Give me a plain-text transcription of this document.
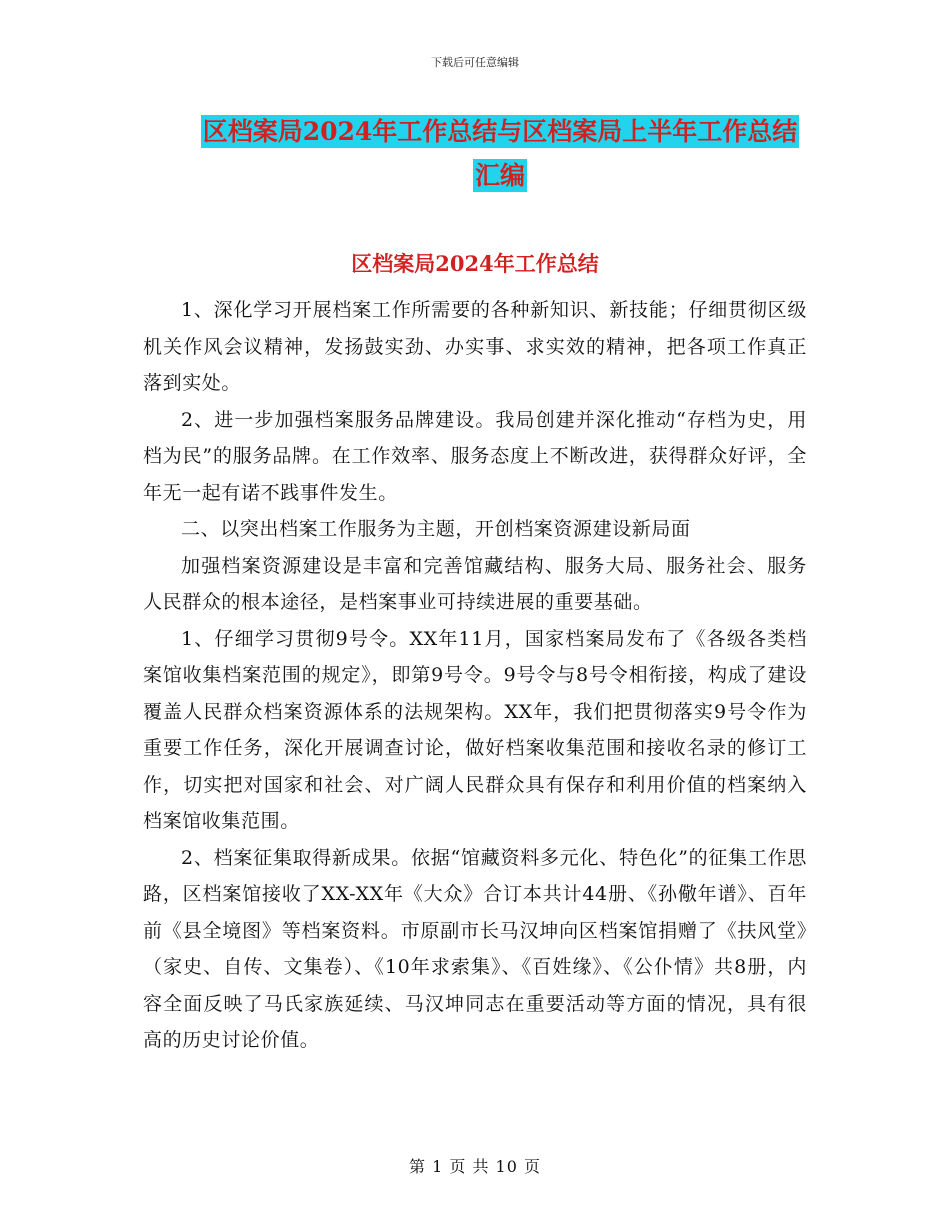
下载后可任意编辑
区档案局2024年工作总结与区档案局上半年工作总结
汇编
区档案局2024年工作总结

1、深化学习开展档案工作所需要的各种新知识、新技能；仔细贯彻区级机关作风会议精神，发扬鼓实劲、办实事、求实效的精神，把各项工作真正落到实处。

2、进一步加强档案服务品牌建设。我局创建并深化推动“存档为史，用档为民”的服务品牌。在工作效率、服务态度上不断改进，获得群众好评，全年无一起有诺不践事件发生。

二、以突出档案工作服务为主题，开创档案资源建设新局面

加强档案资源建设是丰富和完善馆藏结构、服务大局、服务社会、服务人民群众的根本途径，是档案事业可持续进展的重要基础。

1、仔细学习贯彻9号令。XX年11月，国家档案局发布了《各级各类档案馆收集档案范围的规定》，即第9号令。9号令与8号令相衔接，构成了建设覆盖人民群众档案资源体系的法规架构。XX年，我们把贯彻落实9号令作为重要工作任务，深化开展调查讨论，做好档案收集范围和接收名录的修订工作，切实把对国家和社会、对广阔人民群众具有保存和利用价值的档案纳入档案馆收集范围。

2、档案征集取得新成果。依据“馆藏资料多元化、特色化”的征集工作思路，区档案馆接收了XX-XX年《大众》合订本共计44册、《孙儆年谱》、百年前《县全境图》等档案资料。市原副市长马汉坤向区档案馆捐赠了《扶风堂》（家史、自传、文集卷）、《10年求索集》、《百姓缘》、《公仆情》共8册，内容全面反映了马氏家族延续、马汉坤同志在重要活动等方面的情况，具有很高的历史讨论价值。

第 1 页 共 10 页
